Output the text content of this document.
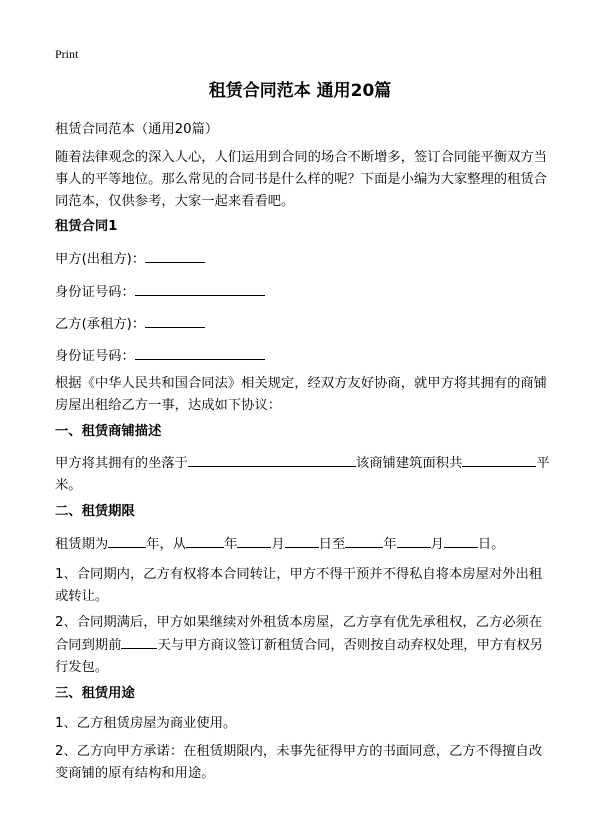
Print
租赁合同范本 通用20篇
租赁合同范本（通用20篇）
随着法律观念的深入人心，人们运用到合同的场合不断增多，签订合同能平衡双方当事人的平等地位。那么常见的合同书是什么样的呢？下面是小编为大家整理的租赁合同范本，仅供参考，大家一起来看看吧。
租赁合同1
甲方(出租方)：
身份证号码：
乙方(承租方)：
身份证号码：
根据《中华人民共和国合同法》相关规定，经双方友好协商，就甲方将其拥有的商铺房屋出租给乙方一事，达成如下协议：
一、租赁商铺描述
甲方将其拥有的坐落于	该商铺建筑面积共	平米。
二、租赁期限
租赁期为	年，从	年	月	日至	年	月	日。
1、合同期内，乙方有权将本合同转让，甲方不得干预并不得私自将本房屋对外出租或转让。
2、合同期满后，甲方如果继续对外租赁本房屋，乙方享有优先承租权，乙方必须在合同到期前	天与甲方商议签订新租赁合同，否则按自动弃权处理，甲方有权另行发包。
三、租赁用途
1、乙方租赁房屋为商业使用。
2、乙方向甲方承诺：在租赁期限内，未事先征得甲方的书面同意，乙方不得擅自改变商铺的原有结构和用途。
